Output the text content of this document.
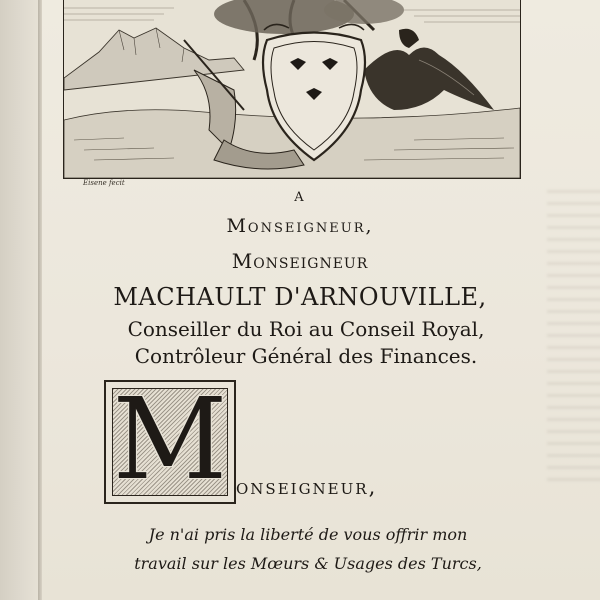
Eisene fecit
A
Monseigneur,
Monseigneur
MACHAULT D'ARNOUVILLE,
Conseiller du Roi au Conseil Royal,
Contrôleur Général des Finances.
M onseigneur,
Je n'ai pris la liberté de vous offrir mon
travail sur les Mœurs & Usages des Turcs,
